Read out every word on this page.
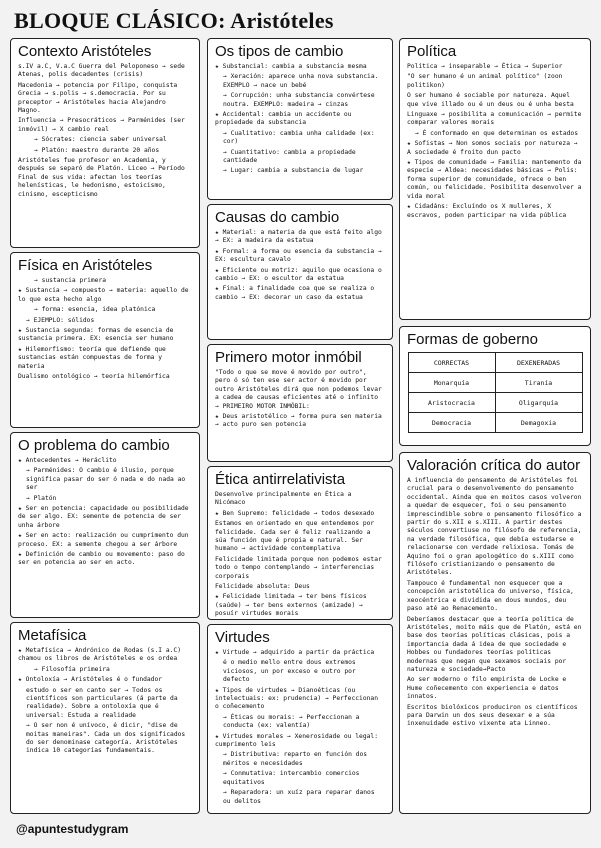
BLOQUE CLÁSICO: Aristóteles
Contexto Aristóteles

s.IV a.C, V.a.C Guerra del Peloponeso → sede Atenas, polis decadentes (crisis)

Macedonia → potencia por Filipo, conquista Grecia → s.polis → s.democracia. Por su preceptor → Aristóteles hacia Alejandro Magno.

Influencia → Presocráticos → Parménides (ser inmóvil) → X cambio real

→ Sócrates: ciencia saber universal

→ Platón: maestro durante 20 años

Aristóteles fue profesor en Academia, y después se separó de Platón. Liceo → Período Final de sus vida: afectan los teorías helenísticas, le hedonismo, estoicismo, cinismo, escepticismo

Física en Aristóteles

→ sustancia primera

★ Sustancia → compuesto → materia: aquello de lo que esta hecho algo

→ forma: esencia, idea platónica

→ EJEMPLO: sólidos

★ Sustancia segunda: formas de esencia de sustancia primera. EX: esencia ser humano

★ Hilemorfismo: teoría que defiende que sustancias están compuestas de forma y materia

Dualismo ontológico → teoría hilemórfica

O problema do cambio

★ Antecedentes → Heráclito

→ Parménides: O cambio é ilusio, porque significa pasar do ser ó nada e do nada ao ser

→ Platón

★ Ser en potencia: capacidade ou posibilidade de ser algo. EX: semente de potencia de ser unha árbore

★ Ser en acto: realización ou cumprimento dun proceso. EX: a semente chegou a ser árbore

★ Definición de cambio ou movemento: paso do ser en potencia ao ser en acto.

Metafísica

★ Metafísica → Andrónico de Rodas (s.I a.C) chamou os libros de Aristóteles e os ordea

→ Filosofía primeira

★ Ontoloxía → Aristóteles é o fundador

estudo o ser en canto ser → Todos os científicos son particulares (á parte da realidade). Sobre a ontoloxía que é universal: Estuda a realidade

→ O ser non é unívoco, é dicir, "dise de moitas maneiras". Cada un dos significados do ser denominase categoría. Aristóteles indica 10 categorías fundamentais.

@apuntestudygram
Os tipos de cambio

★ Substancial: cambia a substancia mesma

→ Xeración: aparece unha nova substancia. EXEMPLO → nace un bebé

→ Corrupción: unha substancia convértese noutra. EXEMPLO: madeira → cinzas

★ Accidental: cambia un accidente ou propiedade da substancia

→ Cualitativo: cambia unha calidade (ex: cor)

→ Cuantitativo: cambia a propiedade cantidade

→ Lugar: cambia a substancia de lugar

Causas do cambio

★ Material: a materia da que está feito algo → EX: a madeira da estatua

★ Formal: a forma ou esencia da substancia → EX: escultura cavalo

★ Eficiente ou motriz: aquilo que ocasiona o cambio → EX: o escultor da estatua

★ Final: a finalidade coa que se realiza o cambio → EX: decorar un caso da estatua

Primero motor inmóbil

"Todo o que se move é movido por outro", pero ó só ten ese ser actor é movido por outro Aristóteles dirá que non podemos levar a cadea de causas eficientes até o infinito → PRIMEIRO MOTOR INMÓBIL:

★ Deus aristotélico → forma pura sen materia → acto puro sen potencia

Ética antirrelativista

Desenvolve principalmente en Ética a Nicómaco

★ Ben Supremo: felicidade → todos desexado

Estamos en orientado en que entendemos por felicidade. Cada ser é feliz realizando a súa función que é propia e natural. Ser humano → actividade contemplativa

Felicidade limitada porque non podemos estar todo o tempo contemplando → interferencias corporais

Felicidade absoluta: Deus

★ Felicidade limitada → ter bens físicos (saúde) → ter bens externos (amizade) → posuír virtudes morais

Virtudes

★ Virtude → adquirido a partir da práctica

é o medio mello entre dous extremos viciosos, un por exceso e outro por defecto

★ Tipos de virtudes → Dianoéticas (ou intelectuais: ex: prudencia) → Perfeccionan o coñecemento

→ Éticas ou morais: → Perfeccionan a conducta (ex: valentía)

★ Virtudes morales → Xenerosidade ou legal: cumprimento leis

→ Distributiva: reparto en función dos méritos e necesidades

→ Conmutativa: intercambio comercios equitativos

→ Reparadora: un xuíz para reparar danos ou delitos

Política

Política → inseparable → Ética → Superior

"O ser humano é un animal político" (zoon politikon)

O ser humano é sociable por natureza. Aquel que vive illado ou é un deus ou é unha besta

Linguaxe → posibilita a comunicación → permite comparar valores morais

→ É conformado en que determinan os estados

★ Sofistas → Non somos sociais por natureza → A sociedade é froito dun pacto

★ Tipos de comunidade → Familia: mantemento da especie → Aldea: necesidades básicas → Polis: forma superior de comunidade, ofrece o ben común, ou felicidade. Posibilita desenvolver a vida moral

★ Cidadáns: Excluíndo os X mulleres, X escravos, poden participar na vida pública

Formas de goberno
CORRECTAS	DEXENERADAS
Monarquía	Tiranía
Aristocracia	Oligarquía
Democracia	Demagoxia
Valoración crítica do autor

A influencia do pensamento de Aristóteles foi crucial para o desenvolvemento do pensamento occidental. Ainda que en moitos casos volveron a quedar de esquecer, foi o seu pensamento imprescindible sobre o pensamento filosófico a partir do s.XII e s.XIII. A partir destes séculos convertiuse no filósofo de referencia, na verdade filosófica, que debía estudarse e relacionarse con verdade relixiosa. Tomás de Aquino foi o gran apologético do s.XIII como filósofo cristianizando o pensamento de Aristóteles.

Tampouco é fundamental non esquecer que a concepción aristotélica do universo, física, xeocéntrica e dividida en dous mundos, deu paso até ao Renacemento.

Deberíamos destacar que a teoría política de Aristóteles, moito máis que de Platón, está en base dos teorías políticas clásicas, pois a importancia dada á idea de que sociedade e Hobbes ou fundadores teorías políticas modernas que negan que sexamos sociais por natureza e sociedade→Pacto

Ao ser moderno o filo empirista de Locke e Hume coñecemento con experiencia e datos innatos.

Escritos biolóxicos produciron os científicos para Darwin un dos seus desexar e a súa inxenuidade estivo vixente ata Linneo.
